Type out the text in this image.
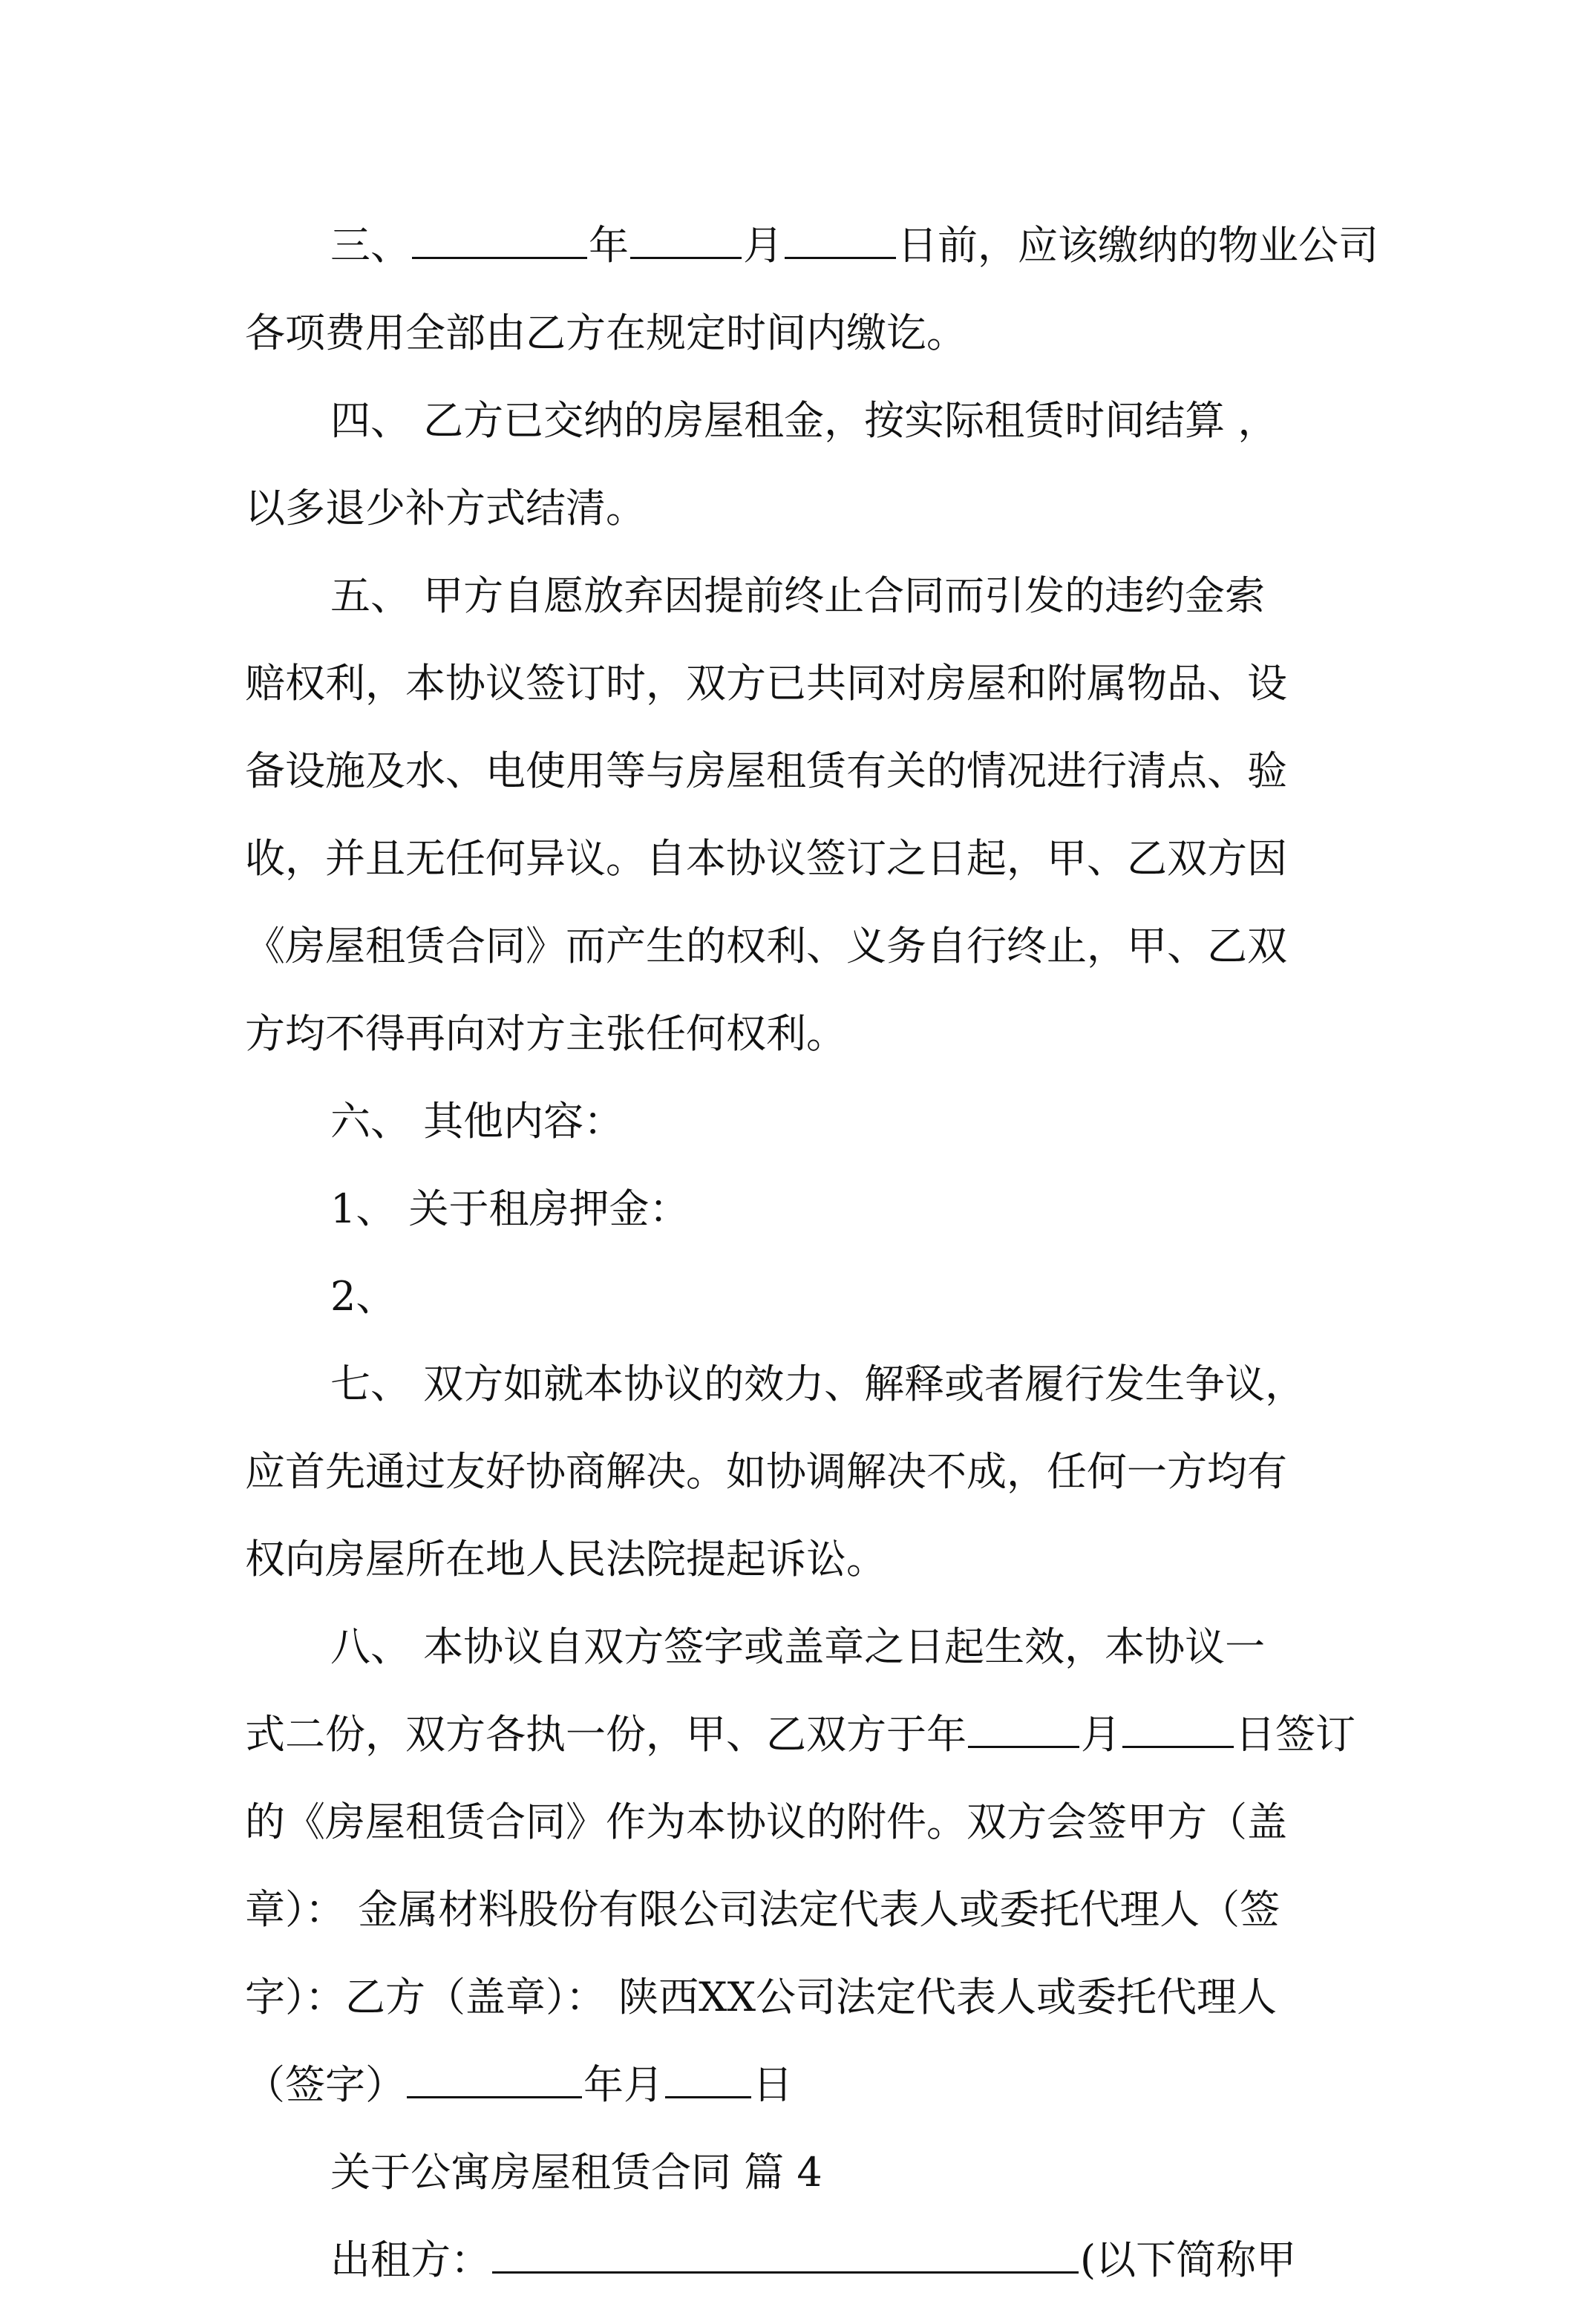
三、	年	月	日前，应该缴纳的物业公司
各项费用全部由乙方在规定时间内缴讫。
四、 乙方已交纳的房屋租金，按实际租赁时间结算 ，
以多退少补方式结清。
五、 甲方自愿放弃因提前终止合同而引发的违约金索
赔权利，本协议签订时，双方已共同对房屋和附属物品、设
备设施及水、电使用等与房屋租赁有关的情况进行清点、验
收，并且无任何异议。自本协议签订之日起，甲、乙双方因
《房屋租赁合同》而产生的权利、义务自行终止，甲、乙双
方均不得再向对方主张任何权利。
六、 其他内容：
1、 关于租房押金：
2、
七、 双方如就本协议的效力、解释或者履行发生争议，
应首先通过友好协商解决。如协调解决不成，任何一方均有
权向房屋所在地人民法院提起诉讼。
八、 本协议自双方签字或盖章之日起生效，本协议一
式二份，双方各执一份，甲、乙双方于年	月	日签订
的《房屋租赁合同》作为本协议的附件。双方会签甲方（盖
章）： 金属材料股份有限公司法定代表人或委托代理人（签
字）：乙方（盖章）： 陕西XX公司法定代表人或委托代理人
（签字）	年月 日
关于公寓房屋租赁合同 篇 4
出租方：	(以下简称甲
